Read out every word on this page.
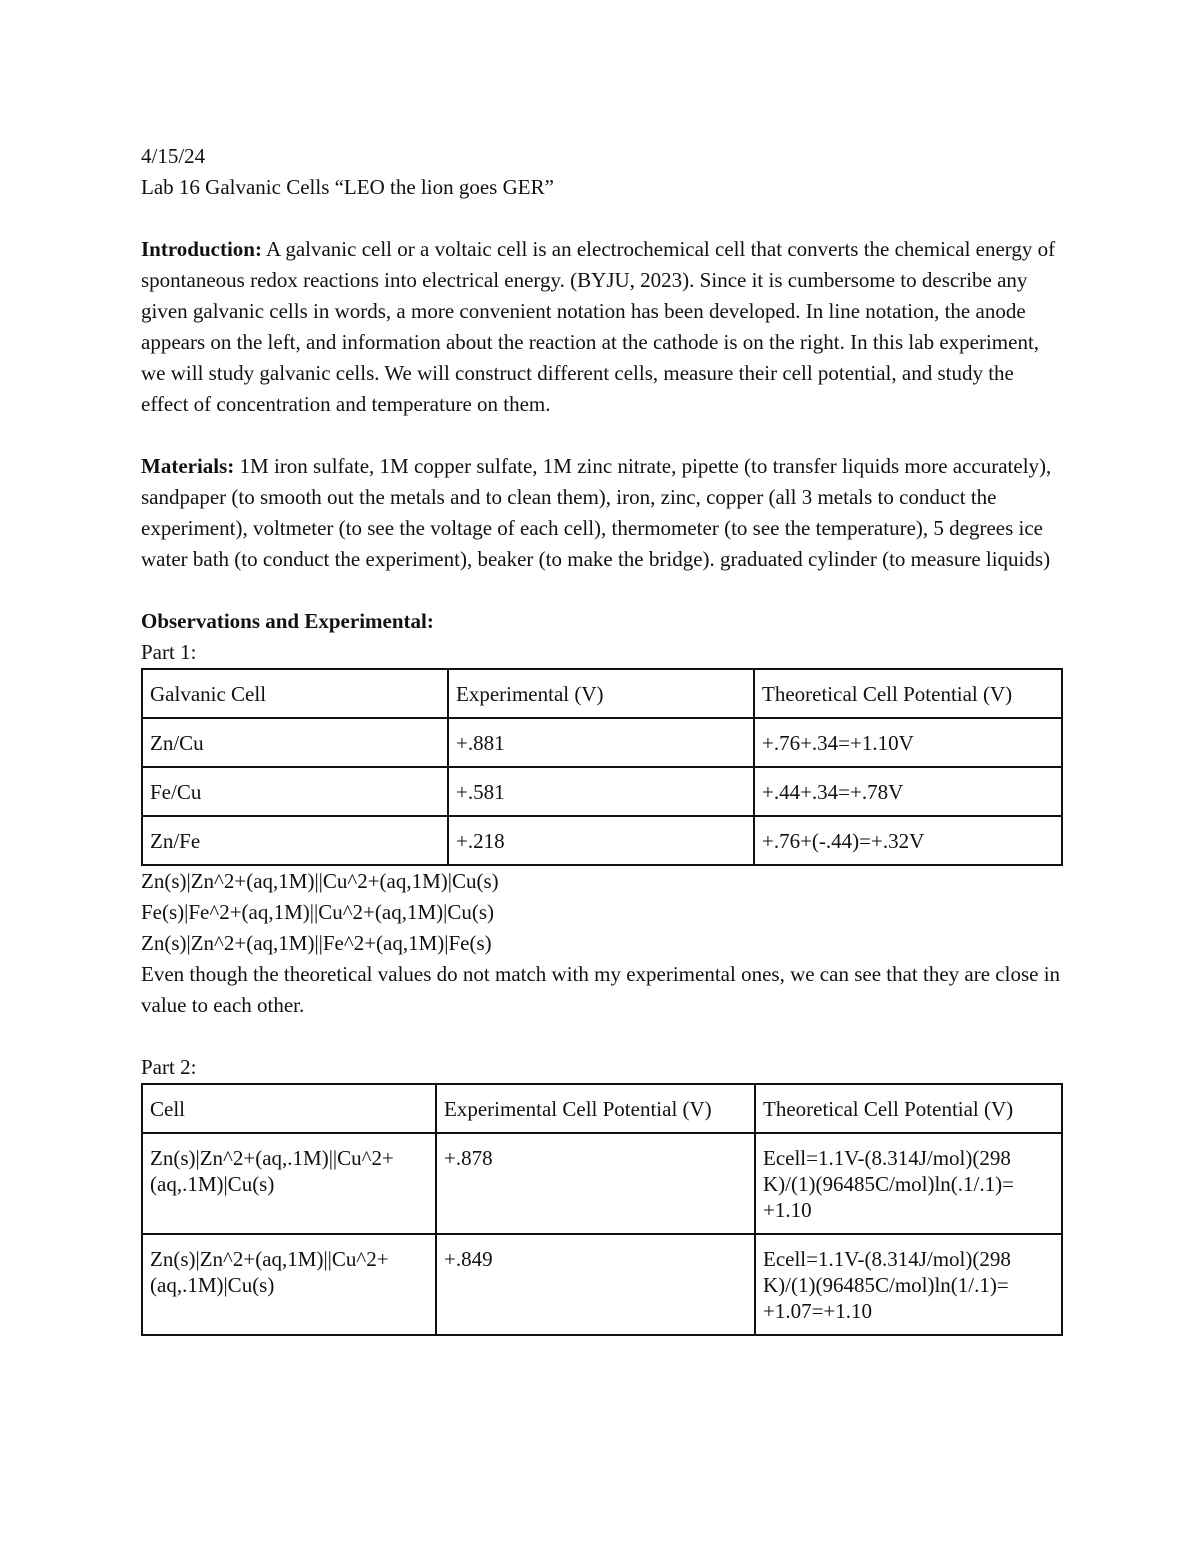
4/15/24

Lab 16 Galvanic Cells “LEO the lion goes GER”

Introduction: A galvanic cell or a voltaic cell is an electrochemical cell that converts the chemical energy of spontaneous redox reactions into electrical energy. (BYJU, 2023). Since it is cumbersome to describe any given galvanic cells in words, a more convenient notation has been developed. In line notation, the anode appears on the left, and information about the reaction at the cathode is on the right. In this lab experiment, we will study galvanic cells. We will construct different cells, measure their cell potential, and study the effect of concentration and temperature on them.

Materials: 1M iron sulfate, 1M copper sulfate, 1M zinc nitrate, pipette (to transfer liquids more accurately), sandpaper (to smooth out the metals and to clean them), iron, zinc, copper (all 3 metals to conduct the experiment), voltmeter (to see the voltage of each cell), thermometer (to see the temperature), 5 degrees ice water bath (to conduct the experiment), beaker (to make the bridge). graduated cylinder (to measure liquids)

Observations and Experimental:

Part 1:

Galvanic Cell	Experimental (V)	Theoretical Cell Potential (V)
Zn/Cu	+.881	+.76+.34=+1.10V
Fe/Cu	+.581	+.44+.34=+.78V
Zn/Fe	+.218	+.76+(-.44)=+.32V

Zn(s)|Zn^2+(aq,1M)||Cu^2+(aq,1M)|Cu(s)

Fe(s)|Fe^2+(aq,1M)||Cu^2+(aq,1M)|Cu(s)

Zn(s)|Zn^2+(aq,1M)||Fe^2+(aq,1M)|Fe(s)

Even though the theoretical values do not match with my experimental ones, we can see that they are close in value to each other.

Part 2:

Cell	Experimental Cell Potential (V)	Theoretical Cell Potential (V)
Zn(s)|Zn^2+(aq,.1M)||Cu^2+(aq,.1M)|Cu(s)	+.878	Ecell=1.1V-(8.314J/mol)(298 K)/(1)(96485C/mol)ln(.1/.1)= +1.10
Zn(s)|Zn^2+(aq,1M)||Cu^2+(aq,.1M)|Cu(s)	+.849	Ecell=1.1V-(8.314J/mol)(298 K)/(1)(96485C/mol)ln(1/.1)= +1.07=+1.10
